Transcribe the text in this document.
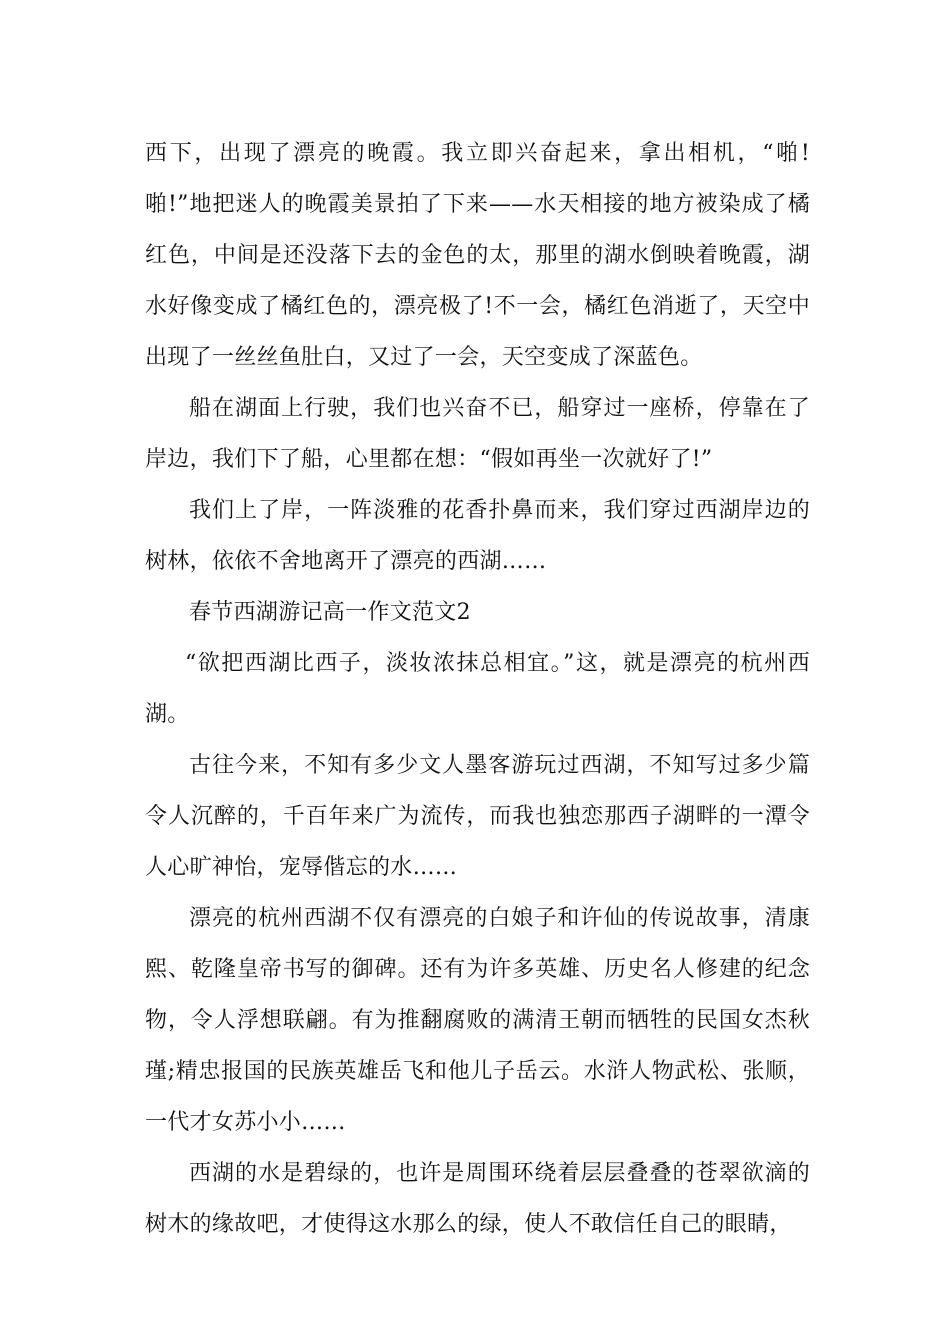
西下，出现了漂亮的晚霞。我立即兴奋起来，拿出相机，“啪!啪!”地把迷人的晚霞美景拍了下来——水天相接的地方被染成了橘红色，中间是还没落下去的金色的太，那里的湖水倒映着晚霞，湖水好像变成了橘红色的，漂亮极了!不一会，橘红色消逝了，天空中出现了一丝丝鱼肚白，又过了一会，天空变成了深蓝色。

船在湖面上行驶，我们也兴奋不已，船穿过一座桥，停靠在了岸边，我们下了船，心里都在想：“假如再坐一次就好了!”

我们上了岸，一阵淡雅的花香扑鼻而来，我们穿过西湖岸边的树林，依依不舍地离开了漂亮的西湖……

春节西湖游记高一作文范文2

“欲把西湖比西子，淡妆浓抹总相宜。”这，就是漂亮的杭州西湖。

古往今来，不知有多少文人墨客游玩过西湖，不知写过多少篇令人沉醉的，千百年来广为流传，而我也独恋那西子湖畔的一潭令人心旷神怡，宠辱偕忘的水……

漂亮的杭州西湖不仅有漂亮的白娘子和许仙的传说故事，清康熙、乾隆皇帝书写的御碑。还有为许多英雄、历史名人修建的纪念物，令人浮想联翩。有为推翻腐败的满清王朝而牺牲的民国女杰秋瑾;精忠报国的民族英雄岳飞和他儿子岳云。水浒人物武松、张顺，一代才女苏小小……

西湖的水是碧绿的，也许是周围环绕着层层叠叠的苍翠欲滴的树木的缘故吧，才使得这水那么的绿，使人不敢信任自己的眼睛，
